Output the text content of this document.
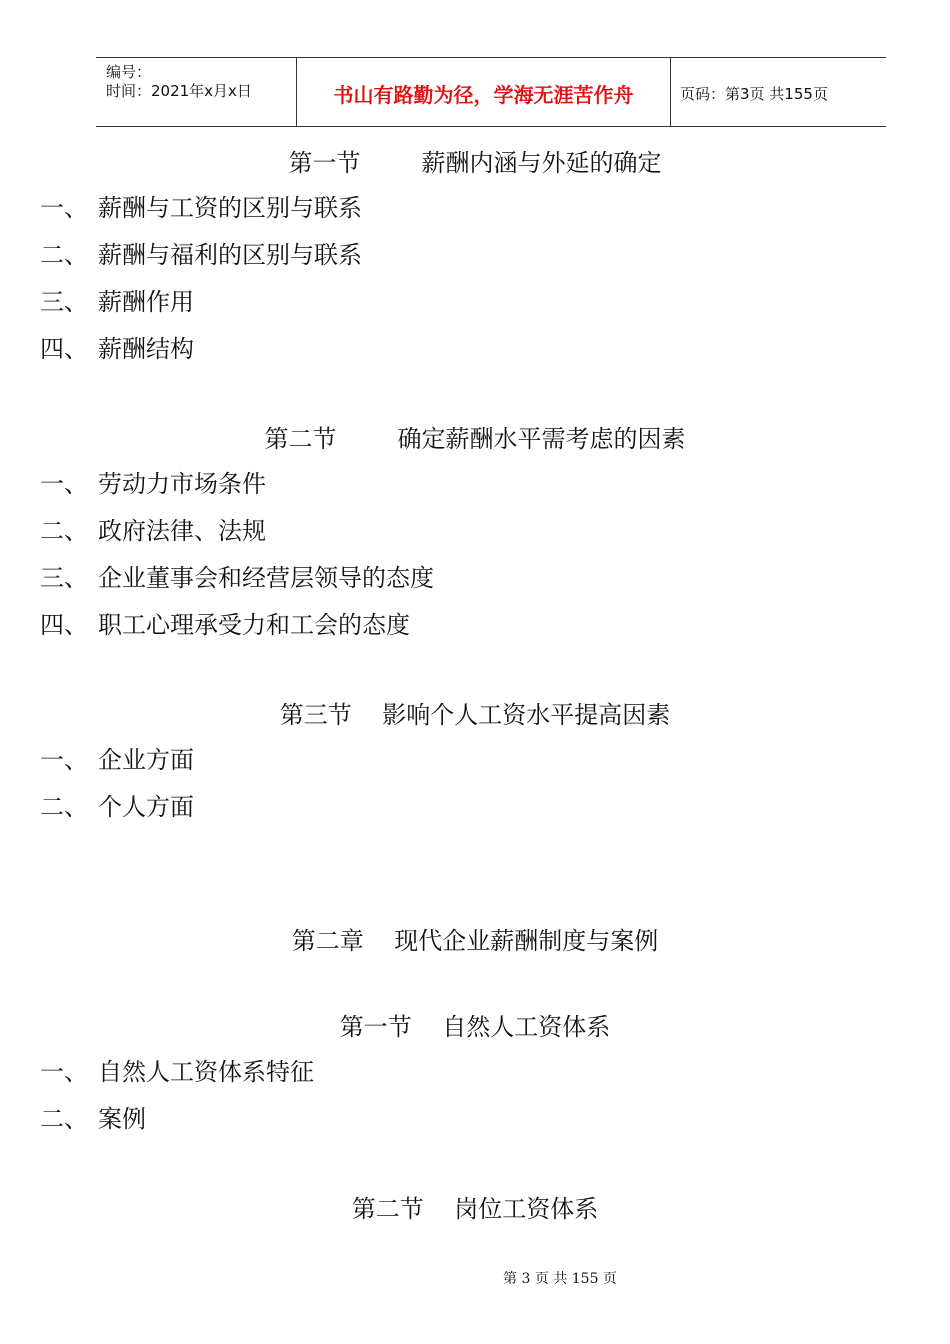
编号：
时间：2021年x月x日	书山有路勤为径，学海无涯苦作舟	页码：第3页 共155页
第一节        薪酬内涵与外延的确定
一、 薪酬与工资的区别与联系
二、 薪酬与福利的区别与联系
三、 薪酬作用
四、 薪酬结构
第二节        确定薪酬水平需考虑的因素
一、 劳动力市场条件
二、 政府法律、法规
三、 企业董事会和经营层领导的态度
四、 职工心理承受力和工会的态度
第三节    影响个人工资水平提高因素
一、 企业方面
二、 个人方面
第二章    现代企业薪酬制度与案例
第一节    自然人工资体系
一、 自然人工资体系特征
二、 案例
第二节    岗位工资体系
第 3 页 共 155 页
